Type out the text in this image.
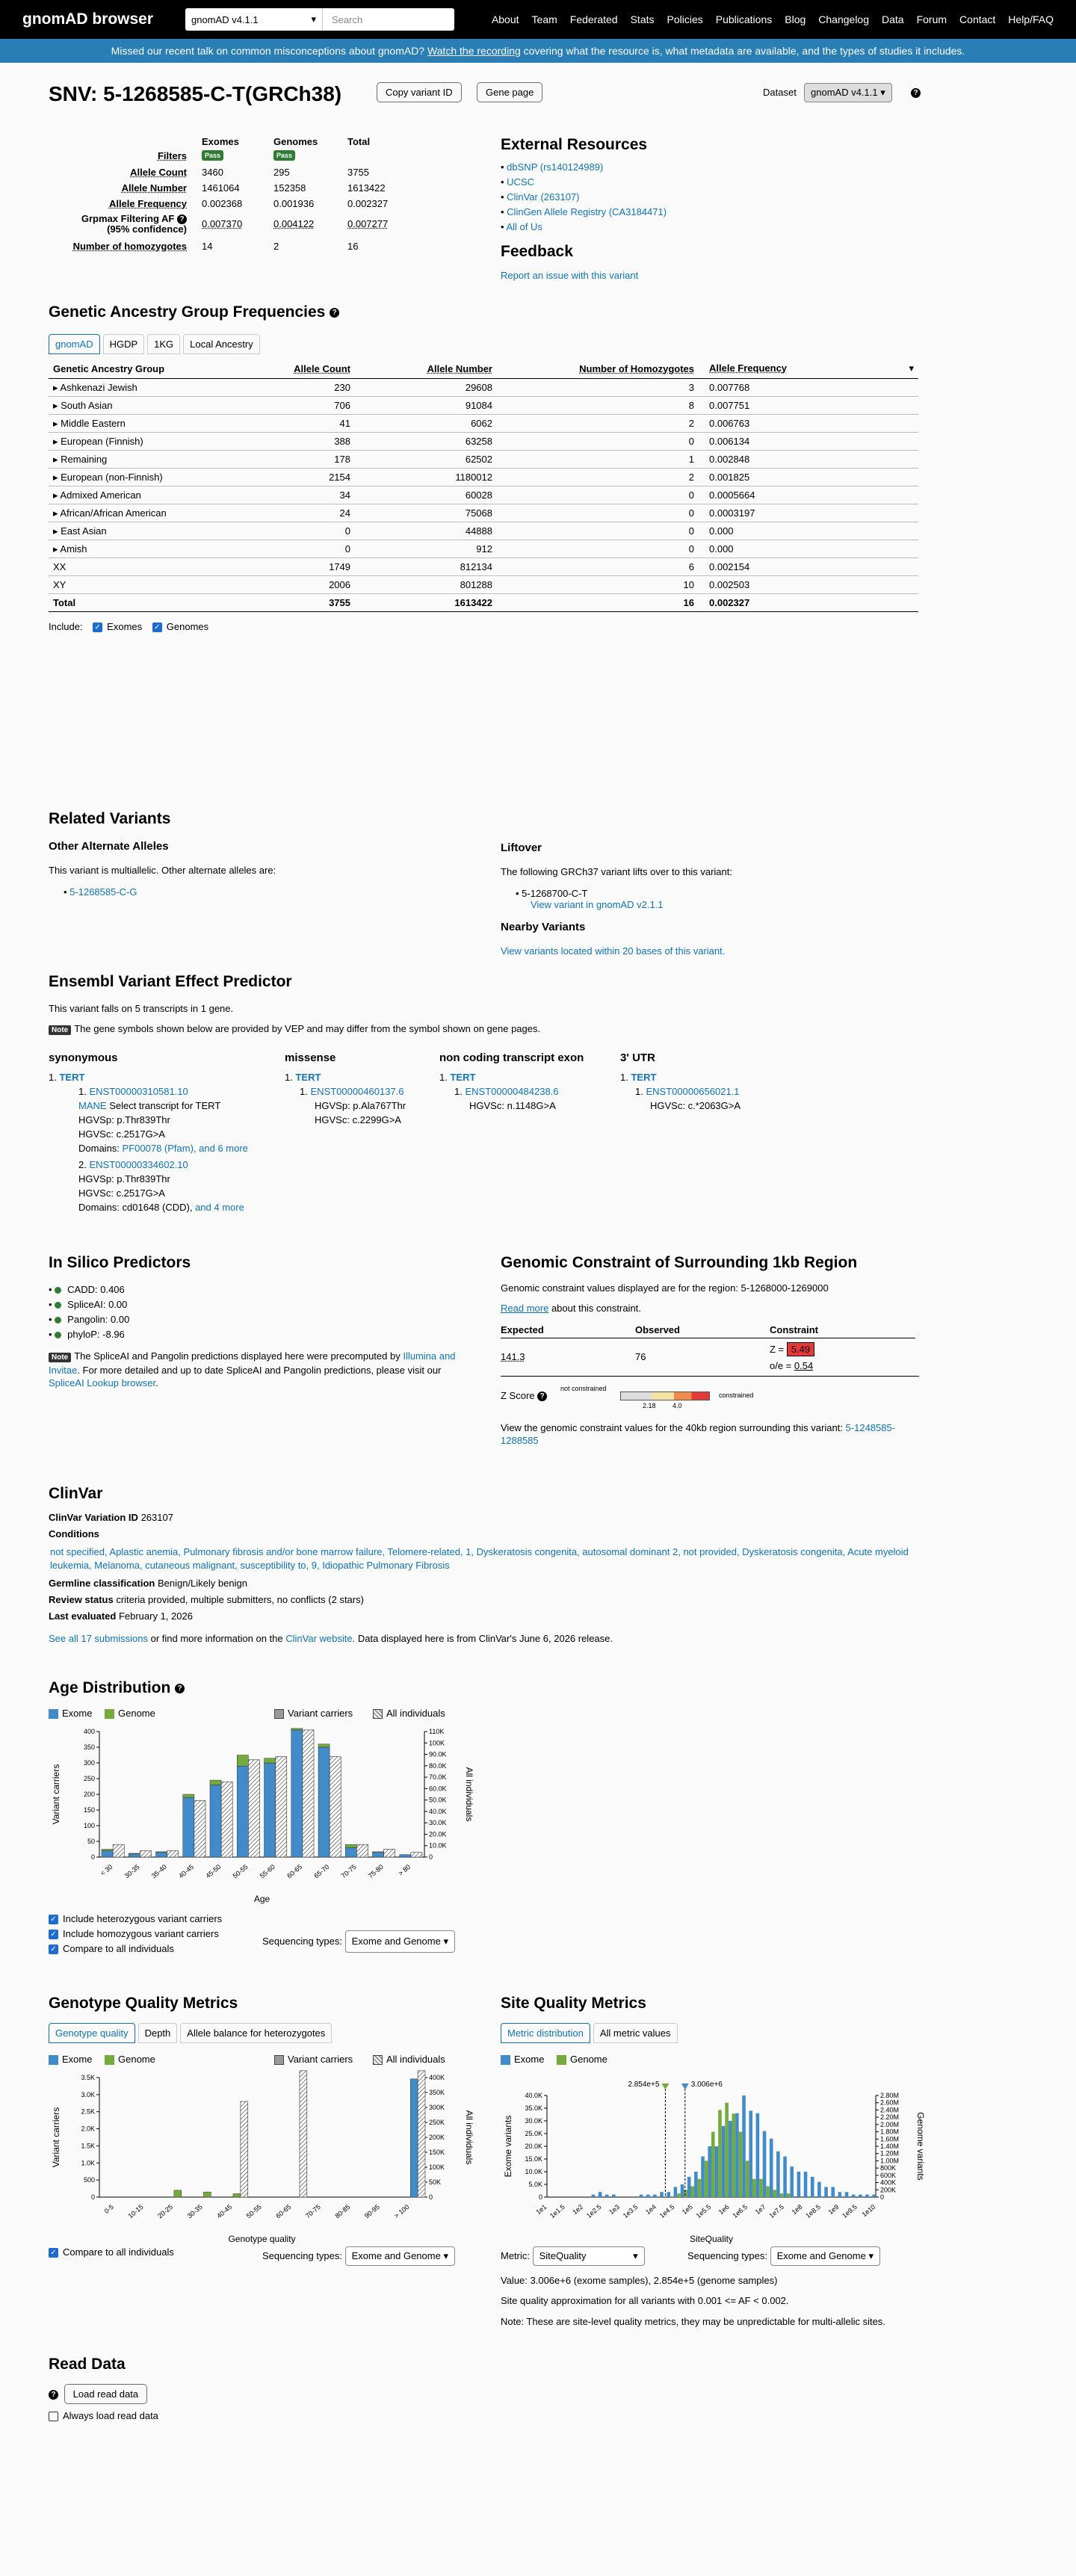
gnomAD browser	gnomAD v4.1.1	▾	Search	About Team Federated Stats Policies Publications Blog Changelog Data Forum Contact Help/FAQ
Missed our recent talk on common misconceptions about gnomAD?
Watch the recording
covering what the resource is, what metadata are available, and the types of studies it includes.
SNV: 5-1268585-C-T(GRCh38)	Copy variant ID	Gene page	Dataset	gnomAD v4.1.1 ▾	?
Exomes	Genomes	Total
Filters	Pass	Pass
Allele Count 3460	295	3755
Allele Number 1461064	152358	1613422
Allele Frequency 0.002368	0.001936	0.002327
Grpmax Filtering AF ?
(95% confidence) 0.007370	0.004122	0.007277
Number of homozygotes 14	2	16
External Resources
• dbSNP (rs140124989)
• UCSC
• ClinVar (263107)
• ClinGen Allele Registry (CA3184471)
• All of Us
Feedback
Report an issue with this variant
Genetic Ancestry Group Frequencies ?
gnomAD	HGDP	1KG	Local Ancestry
Genetic Ancestry Group	Allele Count	Allele Number	Number of Homozygotes	Allele Frequency ▾

▸ Ashkenazi Jewish	230	29608	3	0.007768
▸ South Asian	706	91084	8	0.007751
▸ Middle Eastern	41	6062	2	0.006763
▸ European (Finnish)	388	63258	0	0.006134
▸ Remaining	178	62502	1	0.002848
▸ European (non-Finnish)	2154	1180012	2	0.001825
▸ Admixed American	34	60028	0	0.0005664
▸ African/African American	24	75068	0	0.0003197
▸ East Asian	0	44888	0	0.000
▸ Amish	0	912	0	0.000
XX	1749	812134	6	0.002154
XY	2006	801288	10	0.002503
Total	3755	1613422	16	0.002327
Include: ✓ Exomes ✓ Genomes
Related Variants
Other Alternate Alleles

This variant is multiallelic. Other alternate alleles are:

• 5-1268585-C-G

Liftover

The following GRCh37 variant lifts over to this variant:

• 5-1268700-C-T

View variant in gnomAD v2.1.1
Nearby Variants
View variants located within 20 bases of this variant.
Ensembl Variant Effect Predictor

This variant falls on 5 transcripts in 1 gene.

Note The gene symbols shown below are provided by VEP and may differ from the symbol shown on gene pages.

synonymous
1. TERT
1. ENST00000310581.10
MANE Select transcript for TERT
HGVSp: p.Thr839Thr
HGVSc: c.2517G>A
Domains: PF00078 (Pfam), and 6 more
2. ENST00000334602.10
HGVSp: p.Thr839Thr
HGVSc: c.2517G>A
Domains: cd01648 (CDD), and 4 more
missense
1. TERT
1. ENST00000460137.6
HGVSp: p.Ala767Thr
HGVSc: c.2299G>A
non coding transcript exon
1. TERT
1. ENST00000484238.6
HGVSc: n.1148G>A
3' UTR
1. TERT
1. ENST00000656021.1
HGVSc: c.*2063G>A
In Silico Predictors
• CADD: 0.406
• SpliceAI: 0.00
• Pangolin: 0.00
• phyloP: -8.96

Note The SpliceAI and Pangolin predictions displayed here were precomputed by Illumina and Invitae. For more detailed and up to date SpliceAI and Pangolin predictions, please visit our SpliceAI Lookup browser.

Genomic Constraint of Surrounding 1kb Region

Genomic constraint values displayed are for the region: 5-1268000-1269000

Read more about this constraint.

Expected	Observed	Constraint
141.3	76
Z = 5.49
o/e = 0.54
Z Score ?
not constrained
constrained
2.18 4.0

View the genomic constraint values for the 40kb region surrounding this variant: 5-1248585-1288585

ClinVar

ClinVar Variation ID 263107

Conditions

not specified, Aplastic anemia, Pulmonary fibrosis and/or bone marrow failure, Telomere-related, 1, Dyskeratosis congenita, autosomal dominant 2, not provided, Dyskeratosis congenita, Acute myeloid leukemia, Melanoma, cutaneous malignant, susceptibility to, 9, Idiopathic Pulmonary Fibrosis

Germline classification Benign/Likely benign

Review status criteria provided, multiple submitters, no conflicts (2 stars)

Last evaluated February 1, 2026

See all 17 submissions or find more information on the ClinVar website. Data displayed here is from ClinVar's June 6, 2026 release.

Age Distribution ?
Exome	Genome	Variant carriers	All individuals
0
50
100
150
200
250
300
350
400
0
10.0K
20.0K
30.0K
40.0K
50.0K
60.0K
70.0K
80.0K
90.0K
100K
110K
Variant carriers	All individuals
Age
< 30 30-35 35-40 40-45 45-50 50-55 55-60 60-65 65-70 70-75 75-80 > 80
✓ Include heterozygous variant carriers
✓ Include homozygous variant carriers
✓ Compare to all individuals
Sequencing types: Exome and Genome ▾
Genotype Quality Metrics
Genotype quality	Depth	Allele balance for heterozygotes
Exome	Genome	Variant carriers	All individuals
0
500
1.0K
1.5K
2.0K
2.5K
3.0K
3.5K
0
50K
100K
150K
200K
250K
300K
350K
400K
Variant carriers	All individuals
Genotype quality
0-5 10-15 20-25 30-35 40-45 50-55 60-65 70-75 80-85 90-95 > 100
✓ Compare to all individuals	Sequencing types: Exome and Genome ▾
Site Quality Metrics
Metric distribution	All metric values
Exome	Genome
0
5.0K
10.0K
15.0K
20.0K
25.0K
30.0K
35.0K
40.0K
0
200K
400K
600K
800K
1.00M
1.20M
1.40M
1.60M
1.80M
2.00M
2.20M
2.40M
2.60M
2.80M
Exome variants	Genome variants
SiteQuality
1e1 1e1.5 1e2 1e2.5 1e3 1e3.5 1e4 1e4.5 1e5 1e5.5 1e6 1e6.5 1e7 1e7.5 1e8 1e8.5 1e9 1e9.5 1e10
2.854e+5	3.006e+6
Metric: SiteQuality	▾	Sequencing types: Exome and Genome ▾

Value: 3.006e+6 (exome samples), 2.854e+5 (genome samples)

Site quality approximation for all variants with 0.001 <= AF < 0.002.

Note: These are site-level quality metrics, they may be unpredictable for multi-allelic sites.

Read Data
? Load read data
Always load read data
